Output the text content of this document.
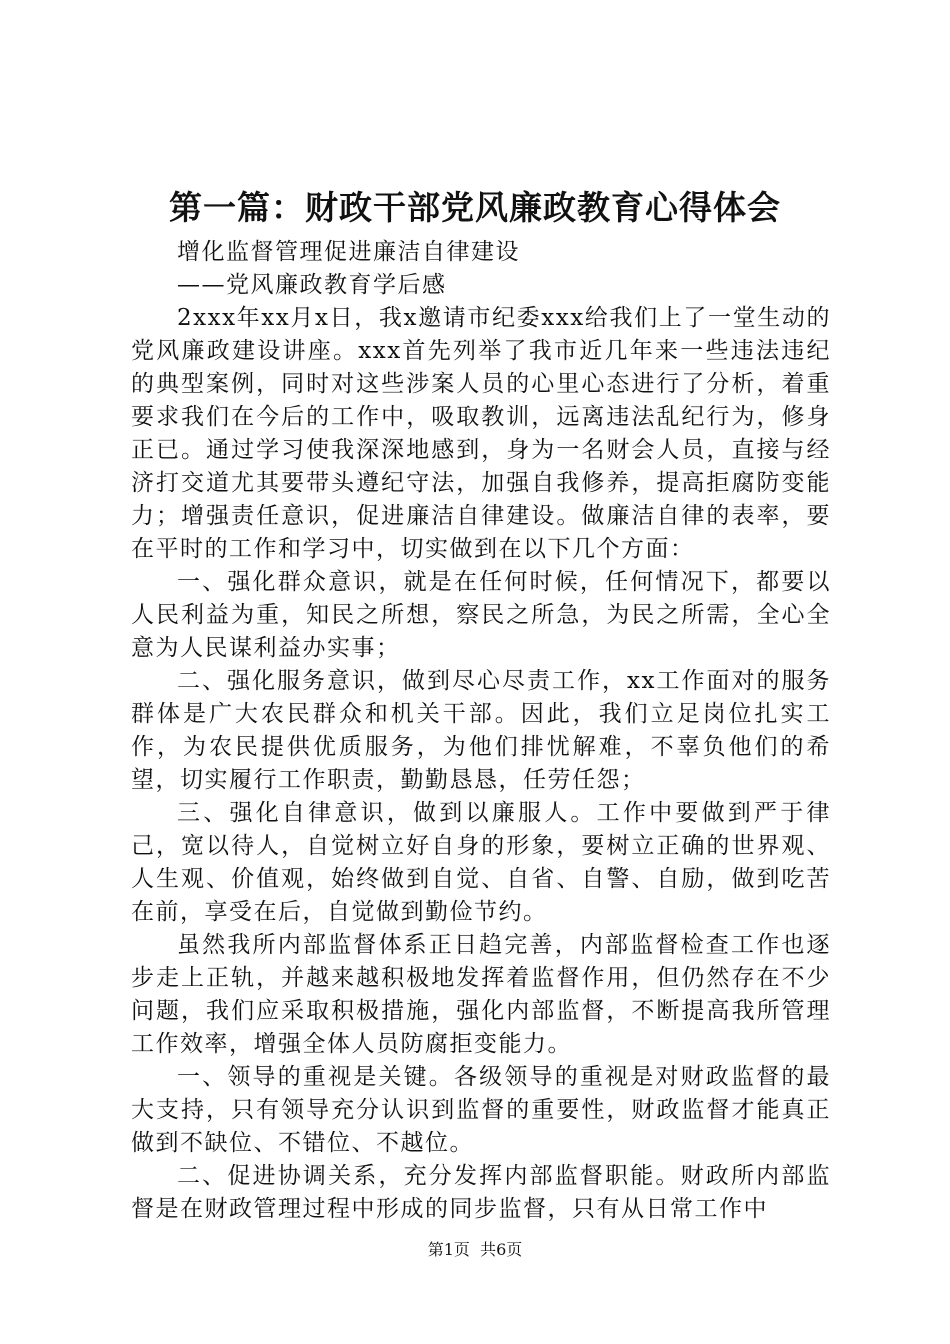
第一篇：财政干部党风廉政教育心得体会

增化监督管理促进廉洁自律建设

——党风廉政教育学后感

2xxx年xx月x日，我x邀请市纪委xxx给我们上了一堂生动的党风廉政建设讲座。xxx首先列举了我市近几年来一些违法违纪的典型案例，同时对这些涉案人员的心里心态进行了分析，着重要求我们在今后的工作中，吸取教训，远离违法乱纪行为，修身正已。通过学习使我深深地感到，身为一名财会人员，直接与经济打交道尤其要带头遵纪守法，加强自我修养，提高拒腐防变能力；增强责任意识，促进廉洁自律建设。做廉洁自律的表率，要在平时的工作和学习中，切实做到在以下几个方面：

一、强化群众意识，就是在任何时候，任何情况下，都要以人民利益为重，知民之所想，察民之所急，为民之所需，全心全意为人民谋利益办实事；

二、强化服务意识，做到尽心尽责工作，xx工作面对的服务群体是广大农民群众和机关干部。因此，我们立足岗位扎实工作，为农民提供优质服务，为他们排忧解难，不辜负他们的希望，切实履行工作职责，勤勤恳恳，任劳任怨；

三、强化自律意识，做到以廉服人。工作中要做到严于律己，宽以待人，自觉树立好自身的形象，要树立正确的世界观、人生观、价值观，始终做到自觉、自省、自警、自励，做到吃苦在前，享受在后，自觉做到勤俭节约。

虽然我所内部监督体系正日趋完善，内部监督检查工作也逐步走上正轨，并越来越积极地发挥着监督作用，但仍然存在不少问题，我们应采取积极措施，强化内部监督，不断提高我所管理工作效率，增强全体人员防腐拒变能力。

一、领导的重视是关键。各级领导的重视是对财政监督的最大支持，只有领导充分认识到监督的重要性，财政监督才能真正做到不缺位、不错位、不越位。

二、促进协调关系，充分发挥内部监督职能。财政所内部监督是在财政管理过程中形成的同步监督，只有从日常工作中

第1页 共6页
